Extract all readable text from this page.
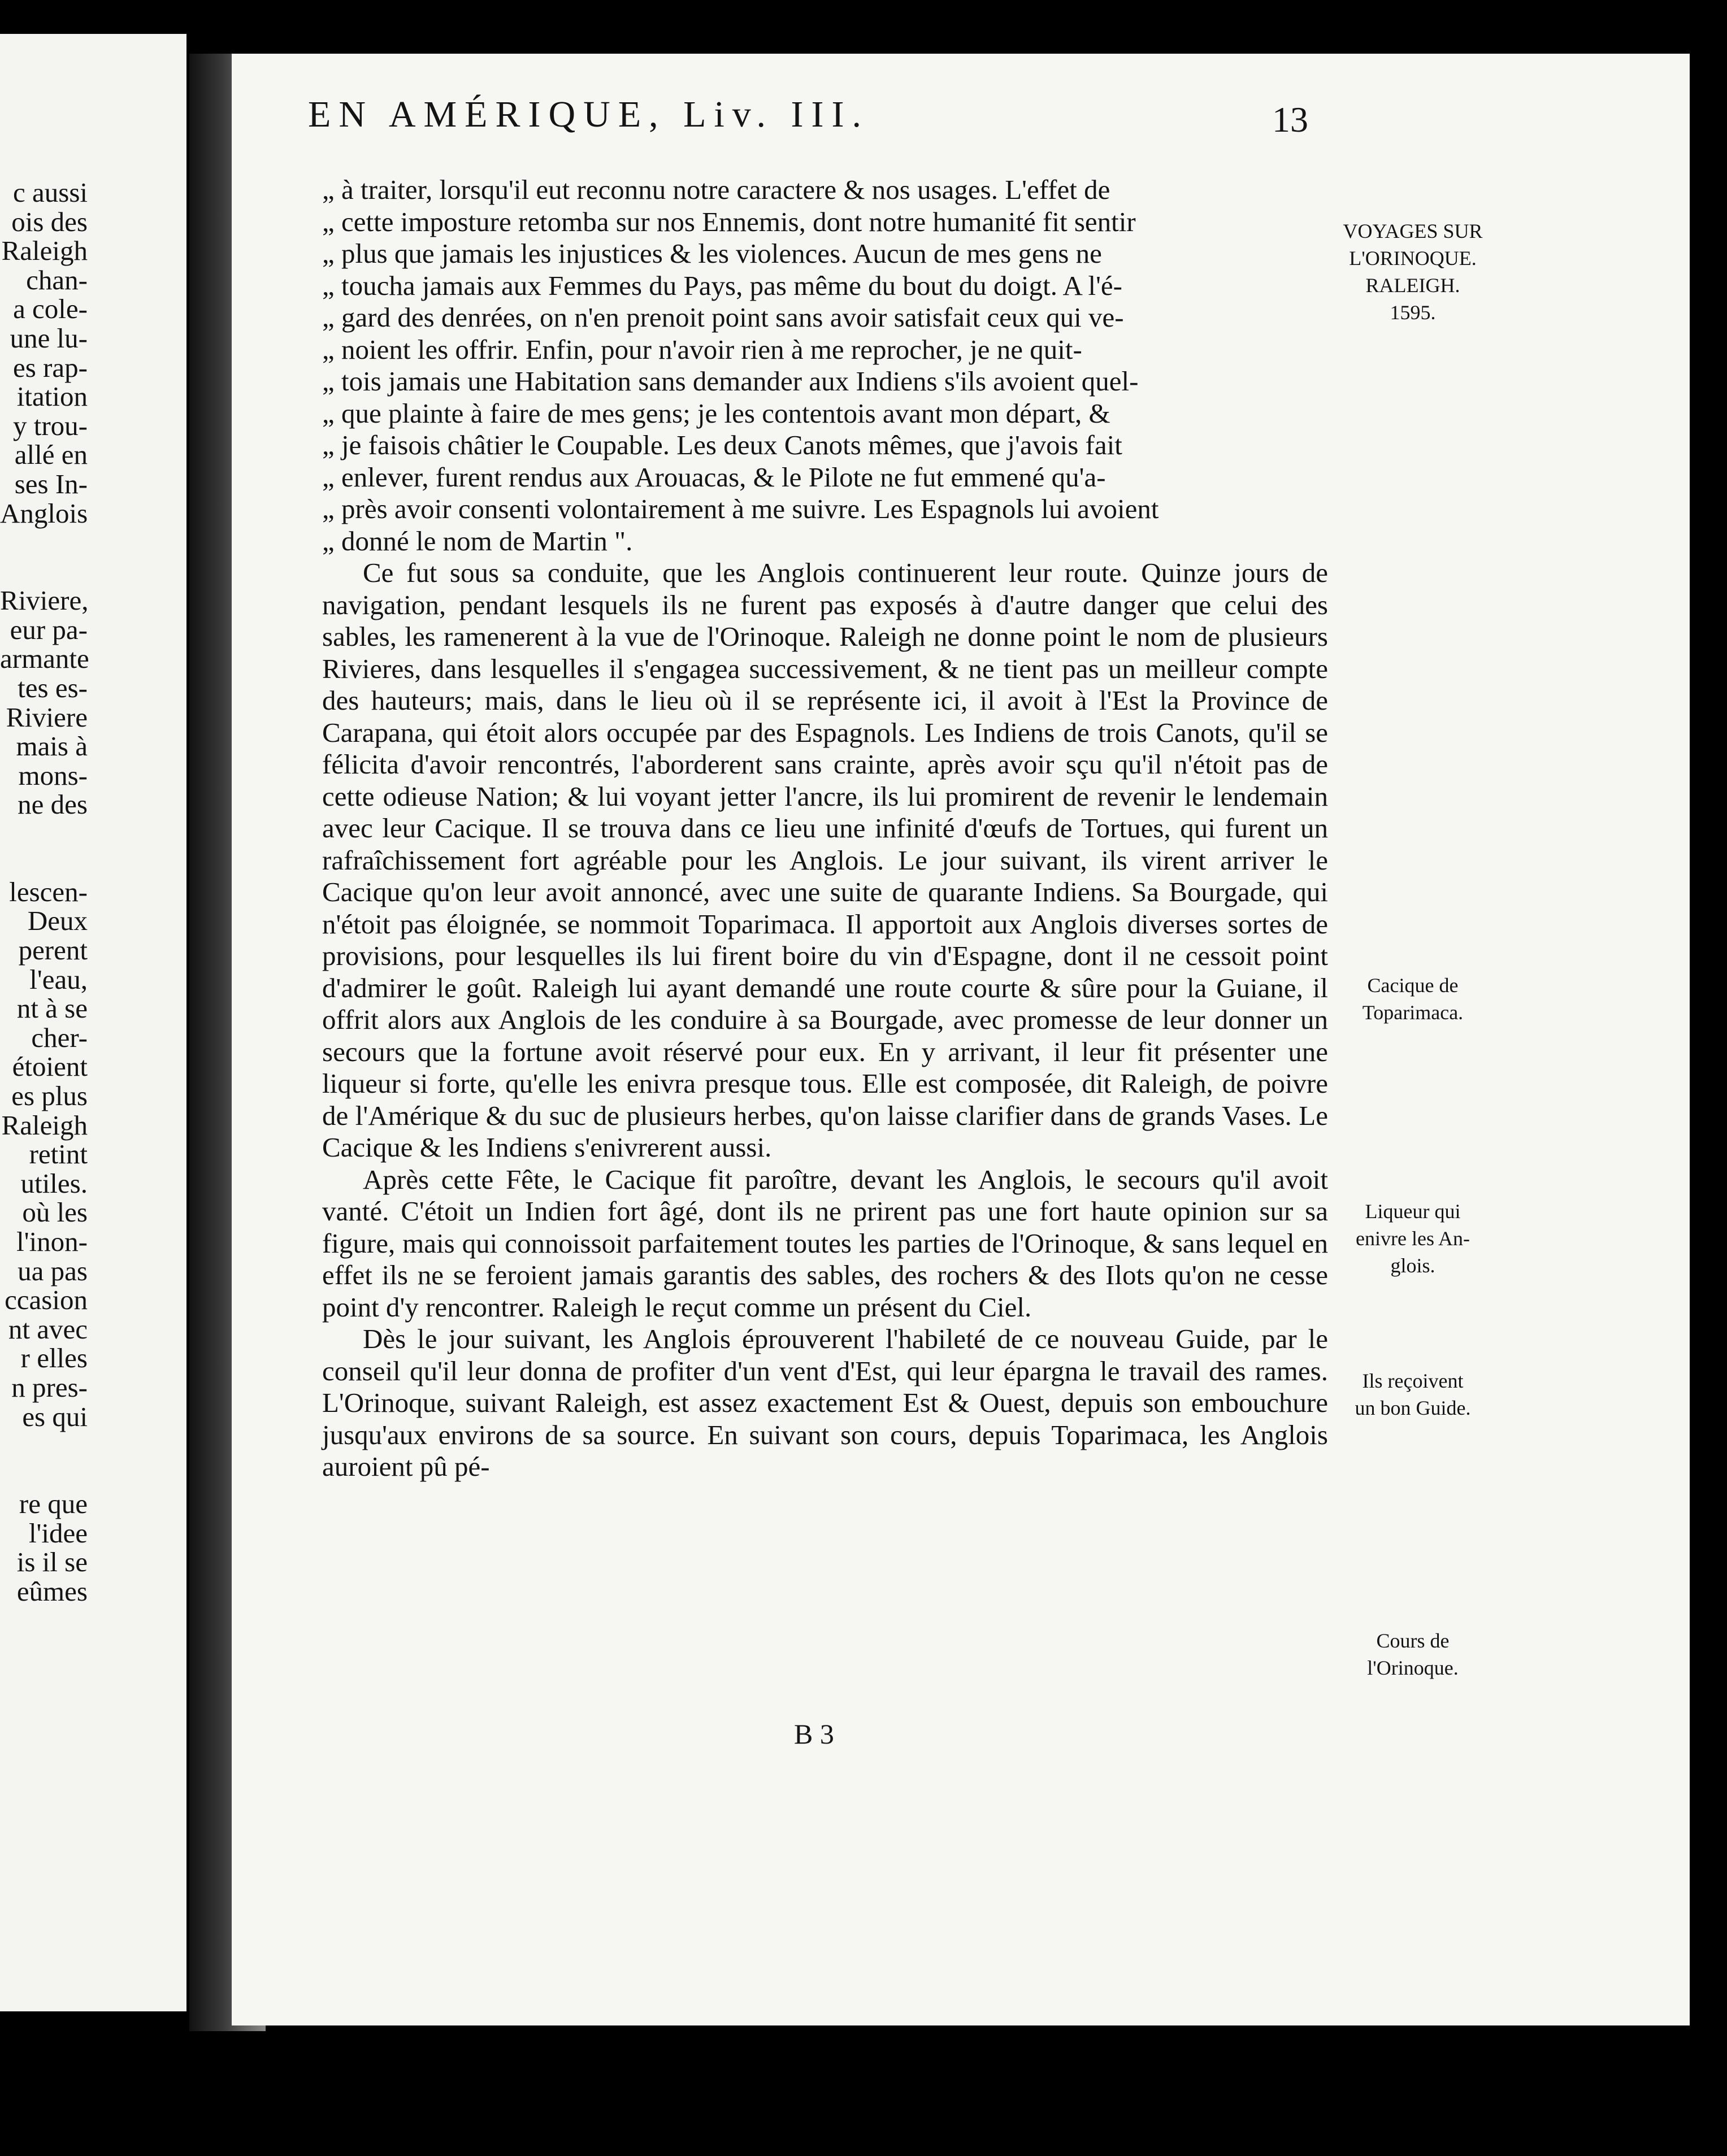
c aussi
ois des
Raleigh
chan-
a cole-
une lu-
es rap-
itation
y trou-
allé en
ses In-
Anglois
Riviere,
eur pa-
armante
tes es-
Riviere
mais à
mons-
ne des
lescen-
Deux
perent
l'eau,
nt à se
cher-
étoient
es plus
Raleigh
retint
utiles.
où les
l'inon-
ua pas
ccasion
nt avec
r elles
n pres-
es qui
re que
l'idee
is il se
eûmes
EN AMÉRIQUE, Liv. III.	13
„ à traiter, lorsqu'il eut reconnu notre caractere & nos usages. L'effet de
„ cette imposture retomba sur nos Ennemis, dont notre humanité fit sentir
„ plus que jamais les injustices & les violences. Aucun de mes gens ne
„ toucha jamais aux Femmes du Pays, pas même du bout du doigt. A l'é-
„ gard des denrées, on n'en prenoit point sans avoir satisfait ceux qui ve-
„ noient les offrir. Enfin, pour n'avoir rien à me reprocher, je ne quit-
„ tois jamais une Habitation sans demander aux Indiens s'ils avoient quel-
„ que plainte à faire de mes gens; je les contentois avant mon départ, &
„ je faisois châtier le Coupable. Les deux Canots mêmes, que j'avois fait
„ enlever, furent rendus aux Arouacas, & le Pilote ne fut emmené qu'a-
„ près avoir consenti volontairement à me suivre. Les Espagnols lui avoient
„ donné le nom de Martin ".

Ce fut sous sa conduite, que les Anglois continuerent leur route. Quinze jours de navigation, pendant lesquels ils ne furent pas exposés à d'autre danger que celui des sables, les ramenerent à la vue de l'Orinoque. Raleigh ne donne point le nom de plusieurs Rivieres, dans lesquelles il s'engagea successivement, & ne tient pas un meilleur compte des hauteurs; mais, dans le lieu où il se représente ici, il avoit à l'Est la Province de Carapana, qui étoit alors occupée par des Espagnols. Les Indiens de trois Canots, qu'il se félicita d'avoir rencontrés, l'aborderent sans crainte, après avoir sçu qu'il n'étoit pas de cette odieuse Nation; & lui voyant jetter l'ancre, ils lui promirent de revenir le lendemain avec leur Cacique. Il se trouva dans ce lieu une infinité d'œufs de Tortues, qui furent un rafraîchissement fort agréable pour les Anglois. Le jour suivant, ils virent arriver le Cacique qu'on leur avoit annoncé, avec une suite de quarante Indiens. Sa Bourgade, qui n'étoit pas éloignée, se nommoit Toparimaca. Il apportoit aux Anglois diverses sortes de provisions, pour lesquelles ils lui firent boire du vin d'Espagne, dont il ne cessoit point d'admirer le goût. Raleigh lui ayant demandé une route courte & sûre pour la Guiane, il offrit alors aux Anglois de les conduire à sa Bourgade, avec promesse de leur donner un secours que la fortune avoit réservé pour eux. En y arrivant, il leur fit présenter une liqueur si forte, qu'elle les enivra presque tous. Elle est composée, dit Raleigh, de poivre de l'Amérique & du suc de plusieurs herbes, qu'on laisse clarifier dans de grands Vases. Le Cacique & les Indiens s'enivrerent aussi.

Après cette Fête, le Cacique fit paroître, devant les Anglois, le secours qu'il avoit vanté. C'étoit un Indien fort âgé, dont ils ne prirent pas une fort haute opinion sur sa figure, mais qui connoissoit parfaitement toutes les parties de l'Orinoque, & sans lequel en effet ils ne se feroient jamais garantis des sables, des rochers & des Ilots qu'on ne cesse point d'y rencontrer. Raleigh le reçut comme un présent du Ciel.

Dès le jour suivant, les Anglois éprouverent l'habileté de ce nouveau Guide, par le conseil qu'il leur donna de profiter d'un vent d'Est, qui leur épargna le travail des rames. L'Orinoque, suivant Raleigh, est assez exactement Est & Ouest, depuis son embouchure jusqu'aux environs de sa source. En suivant son cours, depuis Toparimaca, les Anglois auroient pû pé-

B 3
VOYAGES SUR
L'ORINOQUE.
RALEIGH.
1595.
Cacique de
Toparimaca.
Liqueur qui
enivre les An-
glois.
Ils reçoivent
un bon Guide.
Cours de
l'Orinoque.
